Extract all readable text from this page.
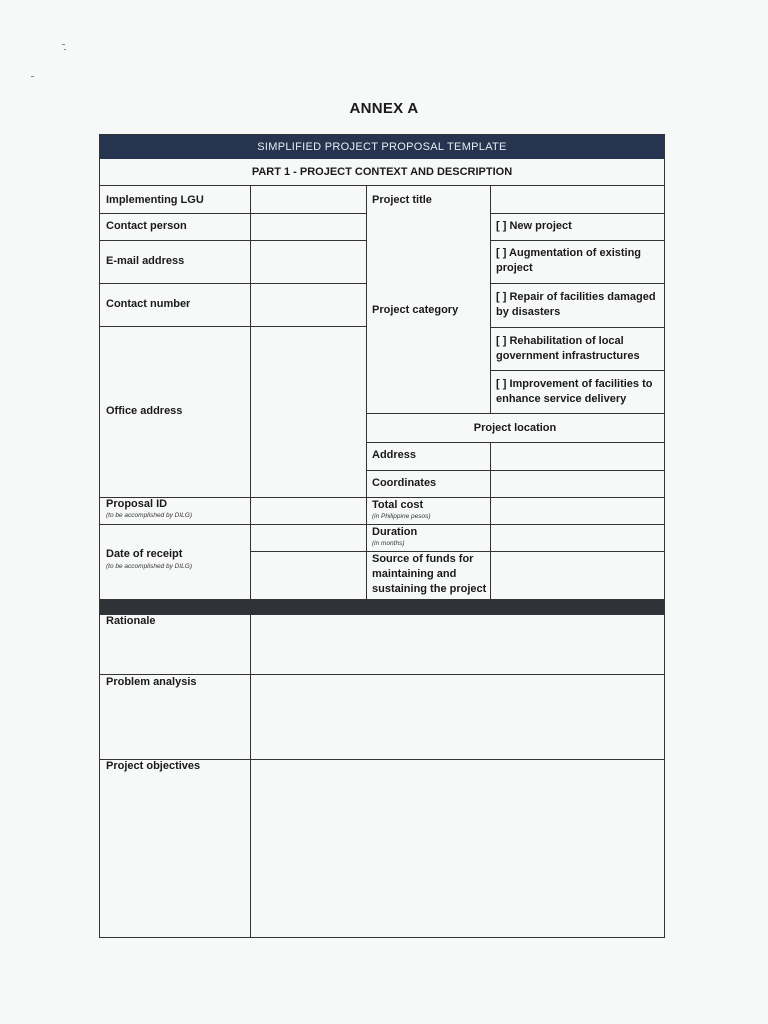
ANNEX A
SIMPLIFIED PROJECT PROPOSAL TEMPLATE
PART 1 - PROJECT CONTEXT AND DESCRIPTION
Implementing LGU
Contact person
E-mail address
Contact number
Office address
Proposal ID
(to be accomplished by DILG)
Date of receipt
(to be accomplished by DILG)
Project title
Project category
[ ] New project
[ ] Augmentation of existing project
[ ] Repair of facilities damaged by disasters
[ ] Rehabilitation of local government infrastructures
[ ] Improvement of facilities to enhance service delivery
Project location
Address
Coordinates
Total cost
(in Philippine pesos)
Duration
(in months)
Source of funds for maintaining and sustaining the project
Rationale
Problem analysis
Project objectives
